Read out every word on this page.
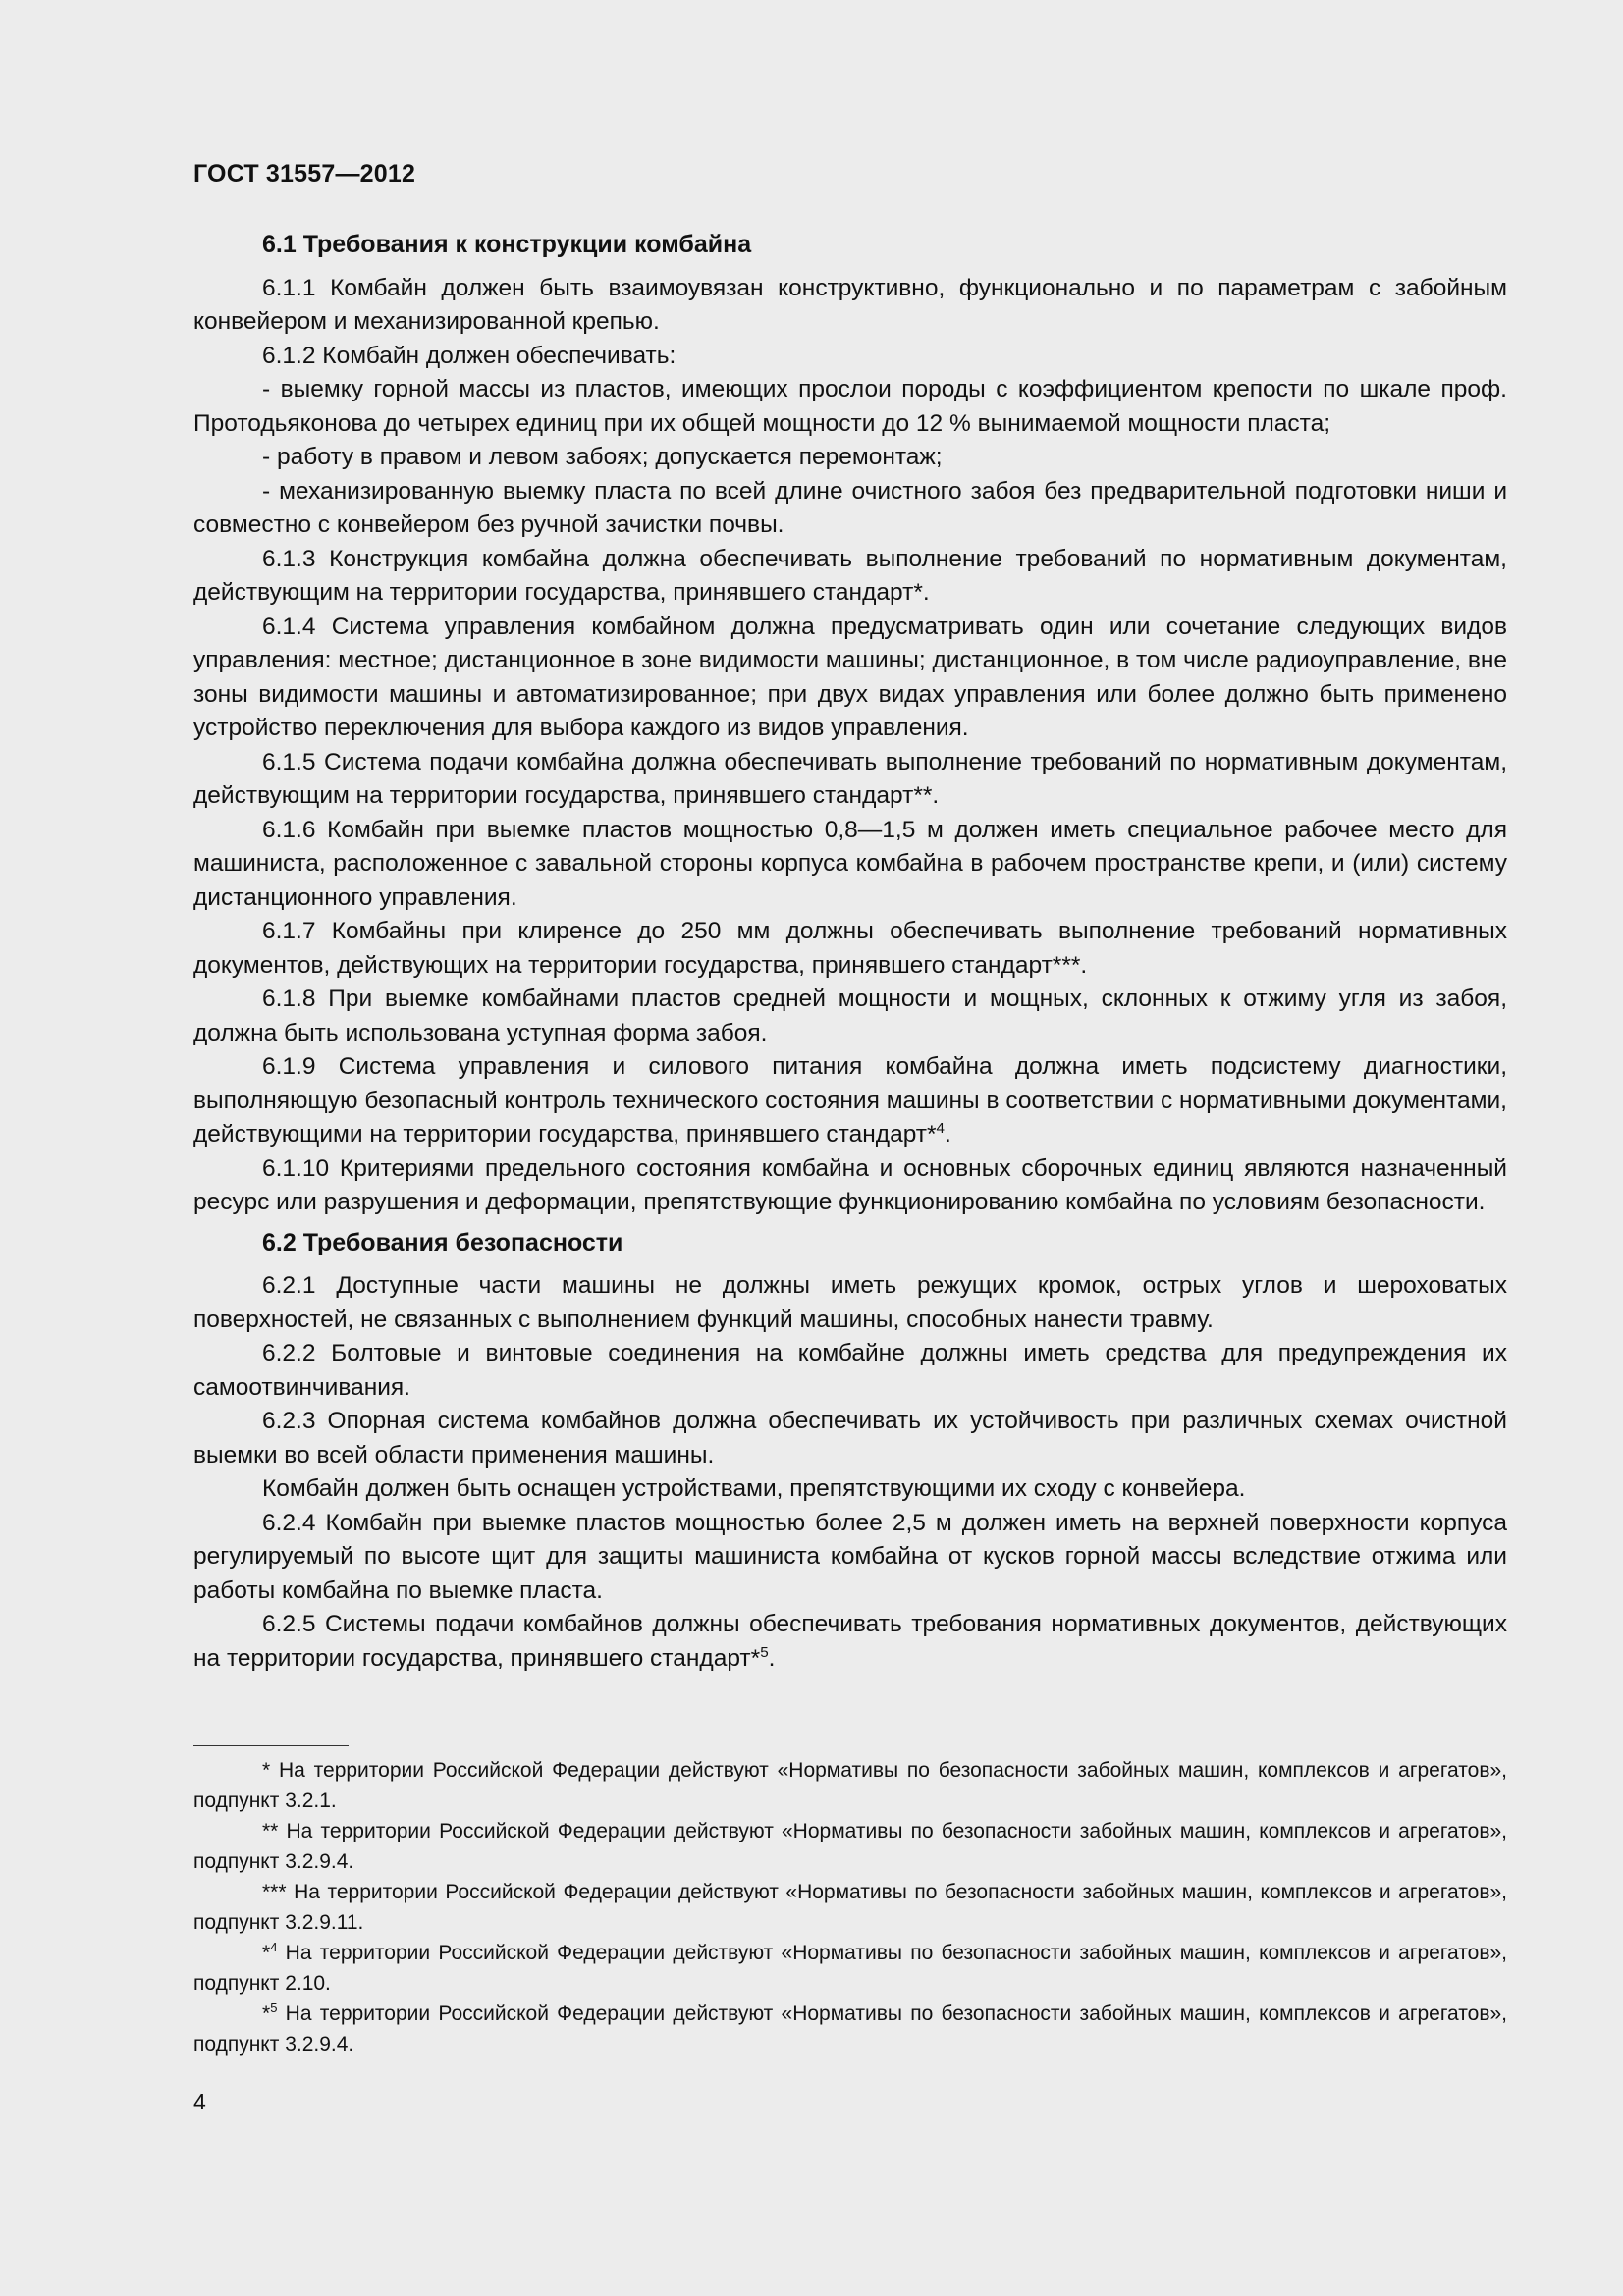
ГОСТ 31557—2012
6.1 Требования к конструкции комбайна

6.1.1 Комбайн должен быть взаимоувязан конструктивно, функционально и по параметрам с забойным конвейером и механизированной крепью.

6.1.2 Комбайн должен обеспечивать:

- выемку горной массы из пластов, имеющих прослои породы с коэффициентом крепости по шкале проф. Протодьяконова до четырех единиц при их общей мощности до 12 % вынимаемой мощности пласта;

- работу в правом и левом забоях; допускается перемонтаж;

- механизированную выемку пласта по всей длине очистного забоя без предварительной подготовки ниши и совместно с конвейером без ручной зачистки почвы.

6.1.3 Конструкция комбайна должна обеспечивать выполнение требований по нормативным документам, действующим на территории государства, принявшего стандарт*.

6.1.4 Система управления комбайном должна предусматривать один или сочетание следующих видов управления: местное; дистанционное в зоне видимости машины; дистанционное, в том числе радиоуправление, вне зоны видимости машины и автоматизированное; при двух видах управления или более должно быть применено устройство переключения для выбора каждого из видов управления.

6.1.5 Система подачи комбайна должна обеспечивать выполнение требований по нормативным документам, действующим на территории государства, принявшего стандарт**.

6.1.6 Комбайн при выемке пластов мощностью 0,8—1,5 м должен иметь специальное рабочее место для машиниста, расположенное с завальной стороны корпуса комбайна в рабочем пространстве крепи, и (или) систему дистанционного управления.

6.1.7 Комбайны при клиренсе до 250 мм должны обеспечивать выполнение требований нормативных документов, действующих на территории государства, принявшего стандарт***.

6.1.8 При выемке комбайнами пластов средней мощности и мощных, склонных к отжиму угля из забоя, должна быть использована уступная форма забоя.

6.1.9 Система управления и силового питания комбайна должна иметь подсистему диагностики, выполняющую безопасный контроль технического состояния машины в соответствии с нормативными документами, действующими на территории государства, принявшего стандарт*$^4$.

6.1.10 Критериями предельного состояния комбайна и основных сборочных единиц являются назначенный ресурс или разрушения и деформации, препятствующие функционированию комбайна по условиям безопасности.

6.2 Требования безопасности

6.2.1 Доступные части машины не должны иметь режущих кромок, острых углов и шероховатых поверхностей, не связанных с выполнением функций машины, способных нанести травму.

6.2.2 Болтовые и винтовые соединения на комбайне должны иметь средства для предупреждения их самоотвинчивания.

6.2.3 Опорная система комбайнов должна обеспечивать их устойчивость при различных схемах очистной выемки во всей области применения машины.

Комбайн должен быть оснащен устройствами, препятствующими их сходу с конвейера.

6.2.4 Комбайн при выемке пластов мощностью более 2,5 м должен иметь на верхней поверхности корпуса регулируемый по высоте щит для защиты машиниста комбайна от кусков горной массы вследствие отжима или работы комбайна по выемке пласта.

6.2.5 Системы подачи комбайнов должны обеспечивать требования нормативных документов, действующих на территории государства, принявшего стандарт*$^5$.

* На территории Российской Федерации действуют «Нормативы по безопасности забойных машин, комплексов и агрегатов», подпункт 3.2.1.

** На территории Российской Федерации действуют «Нормативы по безопасности забойных машин, комплексов и агрегатов», подпункт 3.2.9.4.

*** На территории Российской Федерации действуют «Нормативы по безопасности забойных машин, комплексов и агрегатов», подпункт 3.2.9.11.

*$^4$ На территории Российской Федерации действуют «Нормативы по безопасности забойных машин, комплексов и агрегатов», подпункт 2.10.

*$^5$ На территории Российской Федерации действуют «Нормативы по безопасности забойных машин, комплексов и агрегатов», подпункт 3.2.9.4.

4
